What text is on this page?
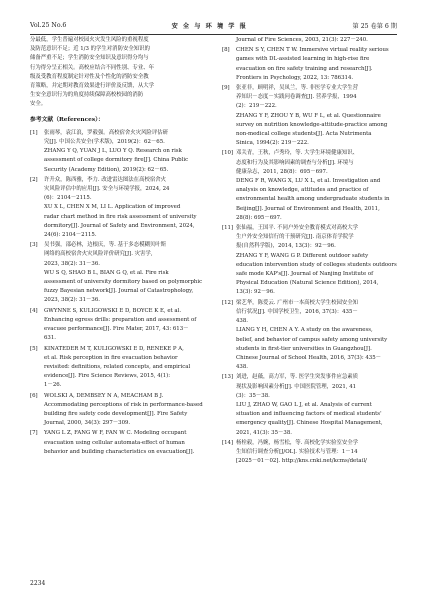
Vol.25 No.6	安 全 与 环 境 学 报	第 25 卷第 6 期

分最低，学生普遍对校园火灾发生风险的重视程度

及防范意识不足；近 1/3 的学生对消防安全知识的

储备严重不足；学生消防安全知识及意识得分均与

行为得分呈正相关。高校应结合不同性别、专业、年

级及受教育程度制定针对性及个性化的消防安全教

育策略，并定期对教育效果进行评价及反馈，从大学

生安全意识行为的角度持续保障高校校园的消防

安全。

参考文献（References）：
[1]	张雨琴，袁江浪，罗毅强。高校宿舍火灾风险评估研
究[J]. 中国公共安全(学术版)，2019(2)：62－65.
ZHANG Y Q, YUAN J L, LUO Y Q. Research on risk
assessment of college dormitory fire[J]. China Public
Security (Academy Edition), 2019(2): 62－65.
[2]	许升众，陈西雅，李力. 改进雷达图法在高校宿舍火
灾风险评估中的应用[J]. 安全与环境学报，2024, 24
(6)：2104－2115.
XU X L, CHEN X M, LI L. Application of improved
radar chart method in fire risk assessment of university
dormitory[J]. Journal of Safety and Environment, 2024,
24(6): 2104－2115.
[3]	吴书强，邵必林，边根庆，等. 基于多态模糊贝叶斯
网络的高校宿舍火灾风险评价研究[J]. 灾害学,
2023, 38(2): 31－36.
WU S Q, SHAO B L, BIAN G Q, et al. Fire risk
assessment of university dormitory based on polymorphic
fuzzy Bayesian network[J]. Journal of Catastrophology,
2023, 38(2): 31－36.
[4]	GWYNNE S, KULIGOWSKI E D, BOYCE K E, et al.
Enhancing egress drills: preparation and assessment of
evacuee performance[J]. Fire Mater, 2017, 43: 613－
631.
[5]	KINATEDER M T, KULIGOWSKI E D, RENEKE P A,
et al. Risk perception in fire evacuation behavior
revisited: definitions, related concepts, and empirical
evidence[J]. Fire Science Reviews, 2015, 4(1):
1－26.
[6]	WOLSKI A, DEMBSEY N A, MEACHAM B J.
Accommodating perceptions of risk in performance-based
building fire safety code development[J]. Fire Safety
Journal, 2000, 34(3): 297－309.
[7]	YANG L Z, FANG W F, FAN W C. Modeling occupant
evacuation using cellular automata-effect of human
behavior and building characteristics on evacuation[J].
Journal of Fire Sciences, 2003, 21(3): 227－240.
[8]	CHEN S Y, CHEN T W. Immersive virtual reality serious
games with DL-assisted learning in high-rise fire
evacuation on fire safety training and research[J].
Frontiers in Psychology, 2022, 13: 786314.
[9]	张亚非，顾明祥，吴凤兰，等. 非医学专业大学生营
养知识－态度－实践问卷调查[J]. 营养学报，1994
(2)：219－222.
ZHANG Y F, ZHOU Y B, WU F L, et al. Questionnaire
survey on nutrition knowledge-attitude-practice among
non-medical college students[J]. Acta Nutrimenta
Sinica, 1994(2): 219－222.
[10] 邓关青，王秋，卢秀玲，等. 大学生环境健康知识、
态度和行为及其影响因素的调查与分析[J]. 环境与
健康杂志，2011, 28(8)：695－697.
DENG F R, WANG X, LU X L, et al. Investigation and
analysis on knowledge, attitudes and practice of
environmental health among undergraduate students in
Beijing[J]. Journal of Environment and Health, 2011,
28(8): 695－697.
[11] 张仙福，王国平. 不同户外安全教育模式对高校大学
生户外安全知信行的干预研究[J]. 南京体育学院学
报(自然科学版)，2014, 13(3)：92－96.
ZHANG Y F, WANG G P. Different outdoor safety
education intervention study of colleges students outdoors
safe mode KAP's[J]. Journal of Nanjing Institute of
Physical Education (Natural Science Edition), 2014,
13(3): 92－96.
[12] 梁艺华，陈爱云. 广州市一本高校大学生校园安全知
信行状况[J]. 中国学校卫生，2016, 37(3)：435－
438.
LIANG Y H, CHEN A Y. A study on the awareness,
belief, and behavior of campus safety among university
students in first-tier universities in Guangzhou[J].
Chinese Journal of School Health, 2016, 37(3): 435－
438.
[13] 刘进，赵薇，高力军，等. 医学生突发事件应急素质
现状及影响因素分析[J]. 中国医院管理，2021, 41
(3)：35－38.
LIU J, ZHAO W, GAO L J, et al. Analysis of current
situation and influencing factors of medical students'
emergency quality[J]. Chinese Hospital Management,
2021, 41(3): 35－38.
[14] 杨栓毅，冯婉，杨雪松，等. 高校化学实验室安全学
生知信行调查分析[J/OL]. 实验技术与管理：1－14
[2025－01－02]. http://kns.cnki.net/kcms/detail/
2234
